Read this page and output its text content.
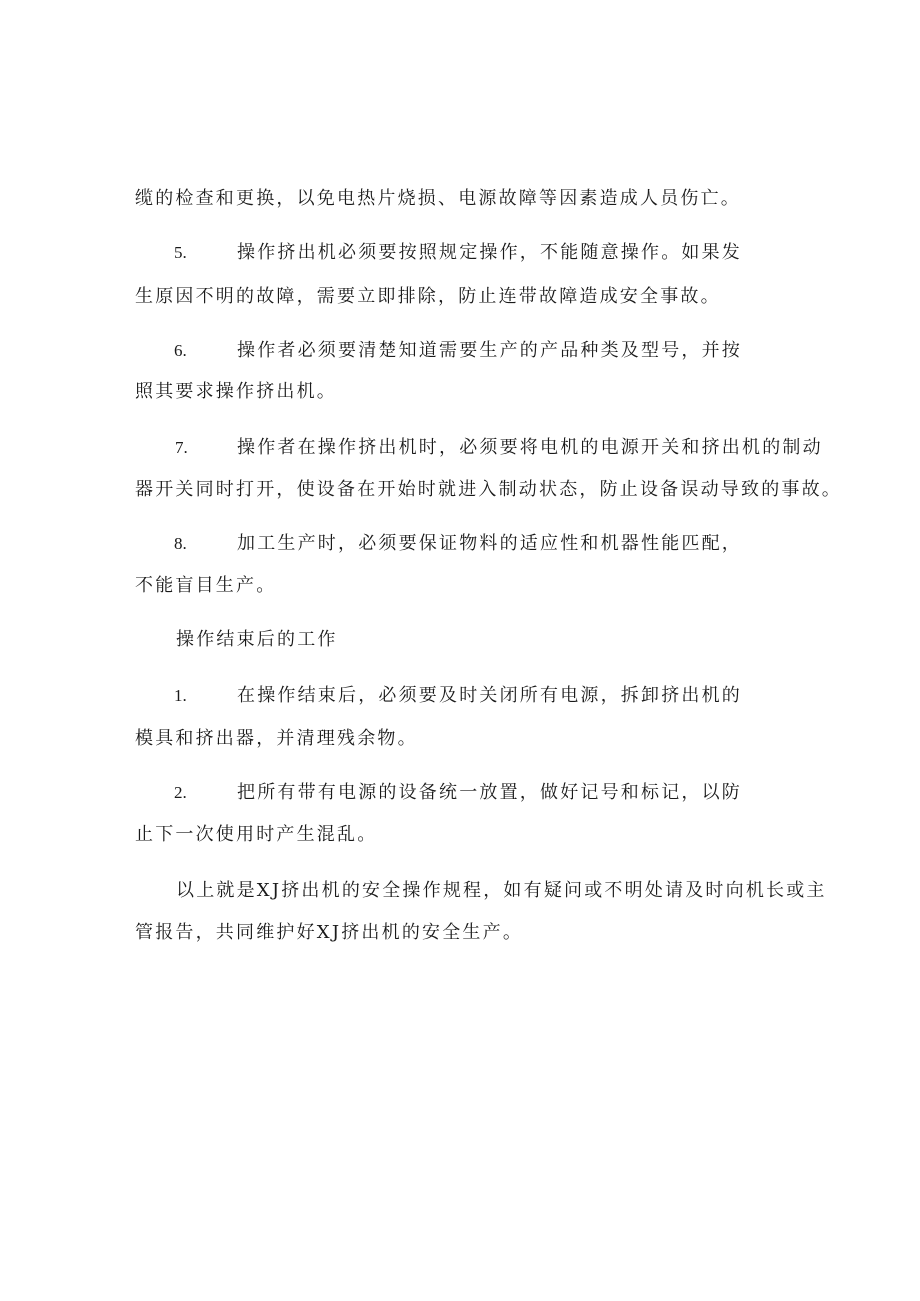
缆的检查和更换，以免电热片烧损、电源故障等因素造成人员伤亡。
5.	操作挤出机必须要按照规定操作，不能随意操作。如果发
生原因不明的故障，需要立即排除，防止连带故障造成安全事故。
6.	操作者必须要清楚知道需要生产的产品种类及型号，并按
照其要求操作挤出机。
7.	操作者在操作挤出机时，必须要将电机的电源开关和挤出机的制动
器开关同时打开，使设备在开始时就进入制动状态，防止设备误动导致的事故。
8.	加工生产时，必须要保证物料的适应性和机器性能匹配，
不能盲目生产。
操作结束后的工作
1.	在操作结束后，必须要及时关闭所有电源，拆卸挤出机的
模具和挤出器，并清理残余物。
2.	把所有带有电源的设备统一放置，做好记号和标记，以防
止下一次使用时产生混乱。
以上就是XJ挤出机的安全操作规程，如有疑问或不明处请及时向机长或主
管报告，共同维护好XJ挤出机的安全生产。
